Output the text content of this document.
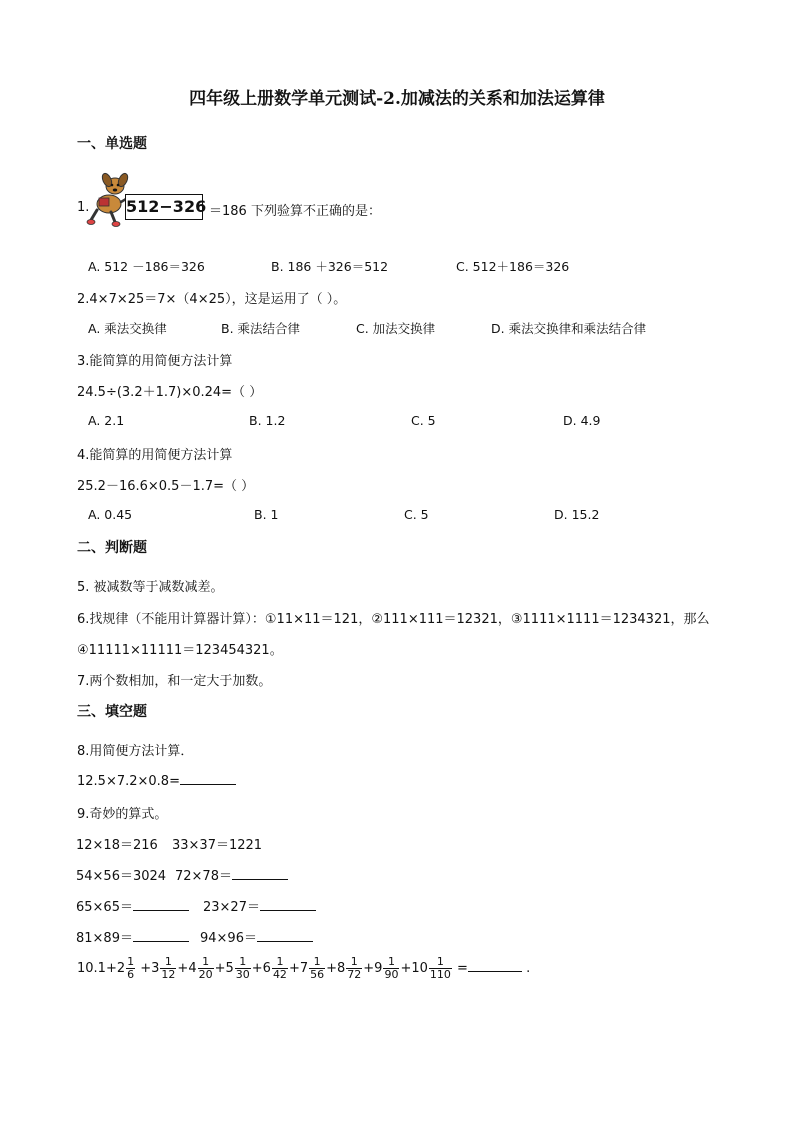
四年级上册数学单元测试-2.加减法的关系和加法运算律
一、单选题
1. 512−326 ＝186 下列验算不正确的是：
A. 512 －186＝326	B. 186 ＋326＝512	C. 512＋186＝326
2.4×7×25＝7×（4×25），这是运用了（ ）。
A. 乘法交换律	B. 乘法结合律	C. 加法交换律	D. 乘法交换律和乘法结合律
3.能简算的用简便方法计算
24.5÷(3.2＋1.7)×0.24=（ ）
A. 2.1	B. 1.2	C. 5	D. 4.9
4.能简算的用简便方法计算
25.2－16.6×0.5－1.7=（ ）
A. 0.45	B. 1	C. 5	D. 15.2
二、判断题
5. 被减数等于减数减差。
6.找规律（不能用计算器计算）：①11×11＝121，②111×111＝12321，③1111×1111＝1234321，那么
④11111×11111＝123454321。
7.两个数相加，和一定大于加数。
三、填空题
8.用简便方法计算．
12.5×7.2×0.8=
9.奇妙的算式。
12×18＝216 33×37＝1221
54×56＝3024 72×78＝
65×65＝	23×27＝
81×89＝	94×96＝
$10.1+2 \frac{1}{6} +3 \frac{1}{12} +4 \frac{1}{20} +5 \frac{1}{30} +6 \frac{1}{42} +7 \frac{1}{56} +8 \frac{1}{72} +9 \frac{1}{90} +10 \frac{1}{110}$ =	.
